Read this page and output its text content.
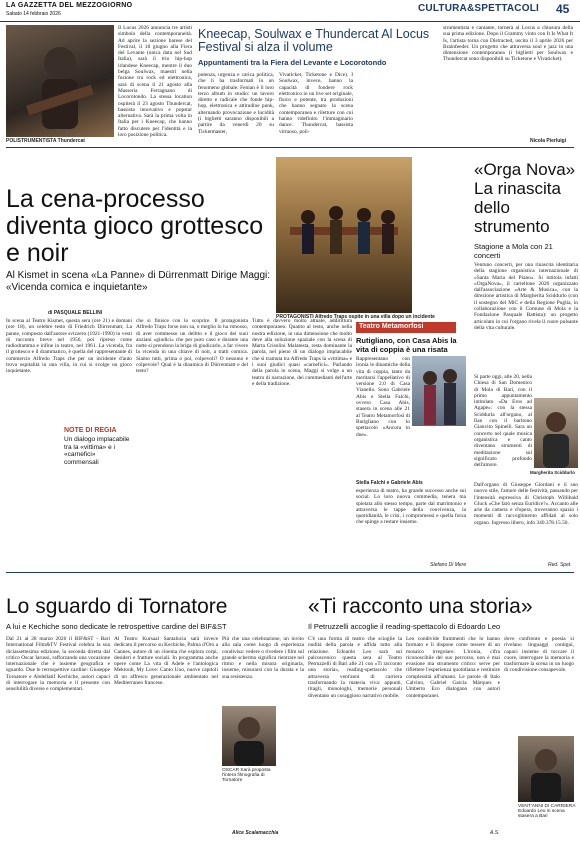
LA GAZZETTA DEL MEZZOGIORNO
Sabato 14 febbraio 2026	CULTURA&SPETTACOLI 45
POLISTRUMENTISTA Thundercat
Il Locus 2026 annuncia tre artisti simbolo della contemporaneità. Ad aprire la sezione barese del Festival, il 18 giugno alla Fiera del Levante (unica data nel Sud Italia), sarà il trio hip-hop irlandese Kneecap, mentre il duo belga Soulwax, maestri nella fusione tra rock ed elettronica, sarà di scena il 21 agosto alla Masseria Ferragnano di Locorotondo. La stessa location ospiterà il 23 agosto Thundercat, bassista innovativo e popstar alternativa. Sarà la prima volta in Italia per i Kneecap, che hanno fatto discutere per l'identità e la loro posizione politica.
Kneecap, Soulwax e Thundercat Al Locus Festival si alza il volume
Appuntamenti tra la Fiera del Levante e Locorotondo
potenza, urgenza e carica politica, che li ha trasformati in un fenomeno globale. Fenian è il loro terzo album in studio: un lavoro diretto e radicale che fonde hip-hop, elettronica e attitudine punk, alternando provocazione e lucidità (i biglietti saranno disponibili a partire da venerdì 20 su Ticketmaster,
Vivaticket, Ticketone e Dice). I Soulwax, invece, hanno la capacità di fondere rock elettronico in un live set originale, fisico e potente, tra produzioni che hanno segnato la scena contemporanea e riletture con cui hanno ridefinito l'immaginario dance. Thundercat, bassista virtuoso, poli-
strumentista e cantante, tornerà al Locus a chiusura della sua prima edizione. Dopo il Grammy vinto con It Is What It Is, l'artista torna con Distracted, uscito il 3 aprile 2026 per Brainfeeder. Un progetto che attraversa soul e jazz in una dimensione contemporanea (i biglietti per Soulwax e Thundercat sono disponibili su Ticketone e Vivaticket).
Nicola Pierluigi
La cena-processo diventa gioco grottesco e noir
Al Kismet in scena «La Panne» di Dürrenmatt Dirige Maggi: «Vicenda comica e inquietante»
di PASQUALE BELLINI
In scena al Teatro Kismet, questa sera (ore 21) e domani (ore 18), un celebre testo di Friedrich Dürrenmatt, La panne, composto dall'autore svizzero (1921-1990) in vesti di racconto breve nel 1956, poi ripreso come radiodramma e infine in teatro, nel 1961. La vicenda, fra il grottesco e il drammatico, è quella del rappresentante di commercio Alfredo Traps che per un incidente d'auto trova ospitalità in una villa, in cui si svolge un gioco inquietante.
NOTE DI REGIA
Un dialogo implacabile tra la «vittima» e i «carnefici» commensali

che si finisce con lo scoprire. Il protagonista Alfredo Traps forse non sa, o meglio lo ha rimosso, di aver commesso un delitto e il gioco dei suoi anziani «giudici» che per puro caso e durante una notte si prendono la briga di giudicarlo, a far vivere la vicenda in una chiave di noir, a tratti comica. Siamo tutti, prima o poi, colpevoli? O nessuno è colpevole? Qual è la dinamica di Dürrenmatt e del testo?
Tutto è davvero molto attuale, addirittura contemporaneo. Quanto al testo, anche nella nostra edizione, in una dimensione che molto deve alla soluzione spaziale con la scena di Marta Crisolini Malatesta, resta dominante la parola, nel pieno di un dialogo implacabile che si tramuta tra Alfredo Traps la «vittima» e i suoi giudici quasi «carnefici». Parlando della parola in scena, Maggi si volge a un teatro di narrazione, dei commedianti dell'arte e della tradizione.
PROTAGONISTI Alfredo Traps ospite in una villa dopo un incidente
Teatro Metamorfosi
Rutigliano, con Casa Abis la vita di coppia è una risata
Rappresentano con ironia le dinamiche della vita di coppia, tanto da meritarsi l'appellativo di versione 2.0 di Casa Vianello. Sono Gabriele Abis e Stella Falchi, ovvero Casa Abis, stasera in scena alle 21 al Teatro Metamorfosi di Rutigliano con lo spettacolo «Ancora in due».
Stella Falchi e Gabriele Abis
esperienza di teatro, ha grande successo anche sui social. Lo loro nuova commedia, tenera ma spietata allo stesso tempo, parte dal matrimonio e attraversa le tappe della convivenza, la quotidianità, le crisi, i compromessi e quella forza che spinge a restare insieme.
Stefano Di Mere
«Orga Nova» La rinascita dello strumento
Stagione a Mola con 21 concerti
Ventuno concerti, per una rinascita identitaria della stagione organistica internazionale di «Santa Maria del Piano». Si intitola infatti «OrgaNova», il cartellone 2026 organizzato dall'associazione «Arte & Musica», con la direzione artistica di Margherita Sciddurlo (con il sostegno del MiC e della Regione Puglia, in collaborazione con il Comune di Mola e la Fondazione Pasquale Battista): un progetto articolato in cui l'organo rivela il cuore pulsante della vita culturale.
Si parte oggi, alle 20, nella Chiesa di San Domenico di Mola di Bari, con il primo appuntamento intitolato «Da Eros ad Agape»: con la stessa Sciddurla all'organo, al fian con il baritono Gianvito Spinelli. Sara un concerto nel quale musica organistica e canto diventano strumenti di meditazione sul significato profondo dell'amore.
Margherita Sciddurlo
Dall'organo di Giuseppe Giordani e il suo nuovo stile, l'amore delle festività, passando per l'intensità espressiva di Christoph Willibald Gluck «Che farò senza Euridice?». Accanto alle arie da camera e d'opera, troveranno spazio i momenti di raccoglimento affidati al solo organo. Ingresso libero, info 340.378.15.50.
Red. Spet.
Lo sguardo di Tornatore
A lui e Kechiche sono dedicate le retrospettive cardine del BIF&ST
Dal 21 al 28 marzo 2026 il BIF&ST - Bari International Film&TV Festival celebra la sua diciassettesima edizione, la seconda diretta dal critico Oscar Iarussi, rafforzando una vocazione internazionale che è insieme geografica e sguardo. Due le retrospettive cardine: Giuseppe Tornatore e Abdellatif Kechiche, autori capaci di interrogare la memoria e il presente con sensibilità diverse e complementari.
Al Teatro Kursaal Santalucia sarà invece dedicato il percorso su Kechiche, Palma d'Oro a Cannes, autore di un cinema che esplora corpi, desideri e fratture sociali. In programma anche opere come La vita di Adele e l'antologica Mektoub, My Love: Canto Uno, nuove capitoli di un affresco generazionale ambientato nel Mediterraneo francese.
Più che una celebrazione, un invito alla sala come luogo di esperienza condivisa: vedere o rivedere i film sul grande schermo significa rientrare nel ritmo e nella misura originaria, insieme, misurarsi con la durata e la sua resistenza.
OSCAR Sarà proposta l'intera filmografia di Tornatore
Alice Scalamacchia
«Ti racconto una storia»
Il Petruzzelli accoglie il reading-spettacolo di Edoardo Leo
C'è una forma di teatro che scioglie la nudità della parola e affida tutto alla relazione. Edoardo Leo sarà sul palcoscenico questa sera al Teatro Petruzzelli di Bari alle 21 con «Ti racconto una storia», reading-spettacolo che attraversa vent'anni di carriera trasformando la materia viva: appunti, ritagli, monologhi, memorie personali diventano un coraggioso narrativo mobile.
Leo condivide frammenti che lo hanno formato e li dispone come tessere di un mosaico irregolare. L'ironia, cifra riconoscibile del suo percorso, non è mai evasione ma strumento critico: serve per riflettere l'esperienza quotidiana e restituire complessità all'umano. Le parole di Italo Calvino, Gabriel García Márquez e Umberto Eco dialogano con autori contemporanei.
dove confronto e poesia si rivelano linguaggi contigui, capaci insieme di toccare il cuore, interrogare la memoria e trasformare la scena in un luogo di condivisione consapevole.
VENT'ANNI DI CARRIERA Edoardo Leo in scena stasera a Bari
A.S.
